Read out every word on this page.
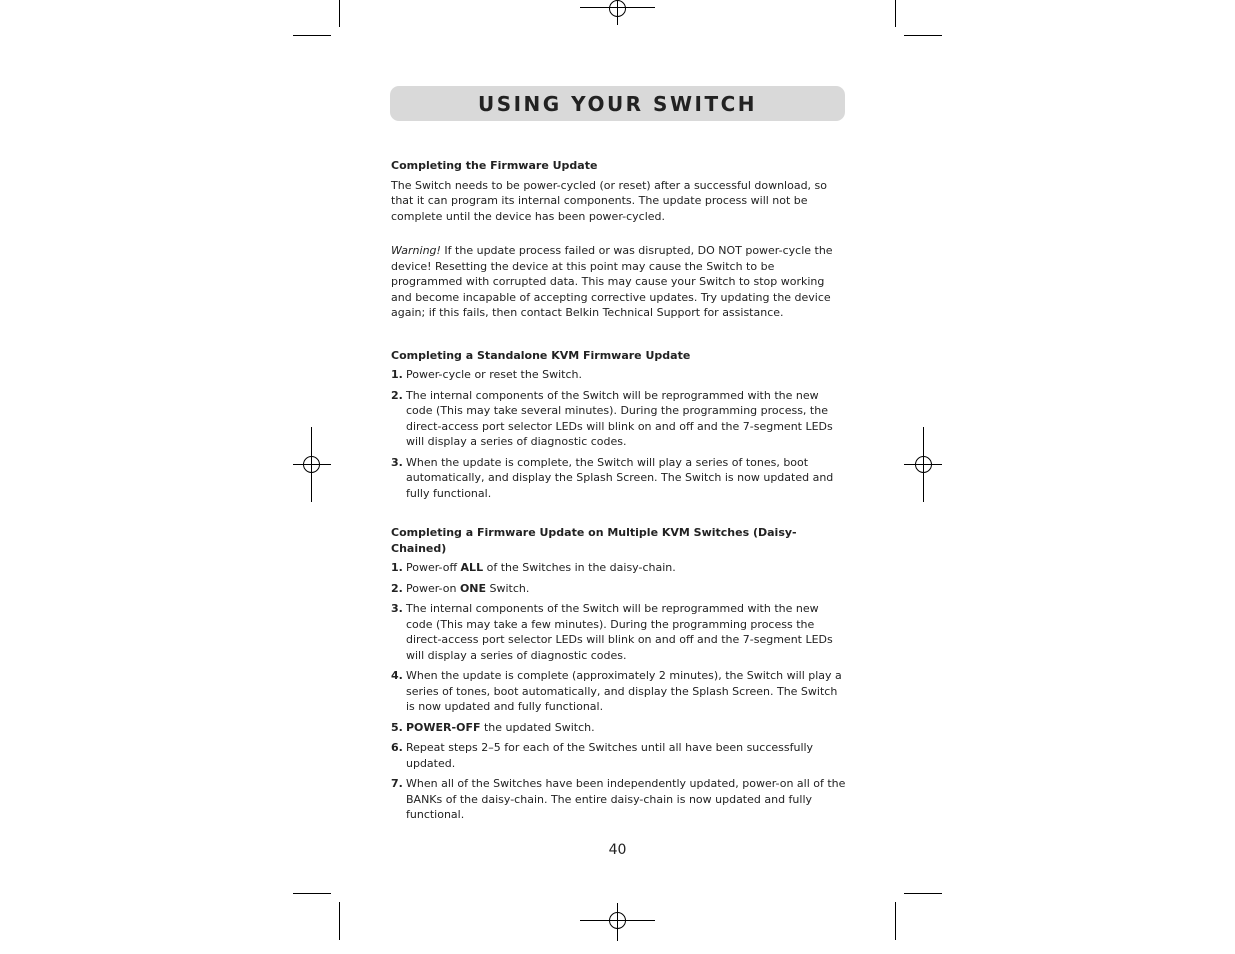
USING YOUR SWITCH

Completing the Firmware Update

The Switch needs to be power-cycled (or reset) after a successful download, so that it can program its internal components. The update process will not be complete until the device has been power-cycled.

Warning! If the update process failed or was disrupted, DO NOT power-cycle the device! Resetting the device at this point may cause the Switch to be programmed with corrupted data. This may cause your Switch to stop working and become incapable of accepting corrective updates. Try updating the device again; if this fails, then contact Belkin Technical Support for assistance.

Completing a Standalone KVM Firmware Update

1. Power-cycle or reset the Switch.
2. The internal components of the Switch will be reprogrammed with the new code (This may take several minutes). During the programming process, the direct-access port selector LEDs will blink on and off and the 7-segment LEDs will display a series of diagnostic codes.
3. When the update is complete, the Switch will play a series of tones, boot automatically, and display the Splash Screen. The Switch is now updated and fully functional.

Completing a Firmware Update on Multiple KVM Switches (Daisy-Chained)

1. Power-off ALL of the Switches in the daisy-chain.
2. Power-on ONE Switch.
3. The internal components of the Switch will be reprogrammed with the new code (This may take a few minutes). During the programming process the direct-access port selector LEDs will blink on and off and the 7-segment LEDs will display a series of diagnostic codes.
4. When the update is complete (approximately 2 minutes), the Switch will play a series of tones, boot automatically, and display the Splash Screen. The Switch is now updated and fully functional.
5. POWER-OFF the updated Switch.
6. Repeat steps 2–5 for each of the Switches until all have been successfully updated.
7. When all of the Switches have been independently updated, power-on all of the BANKs of the daisy-chain. The entire daisy-chain is now updated and fully functional.
40
